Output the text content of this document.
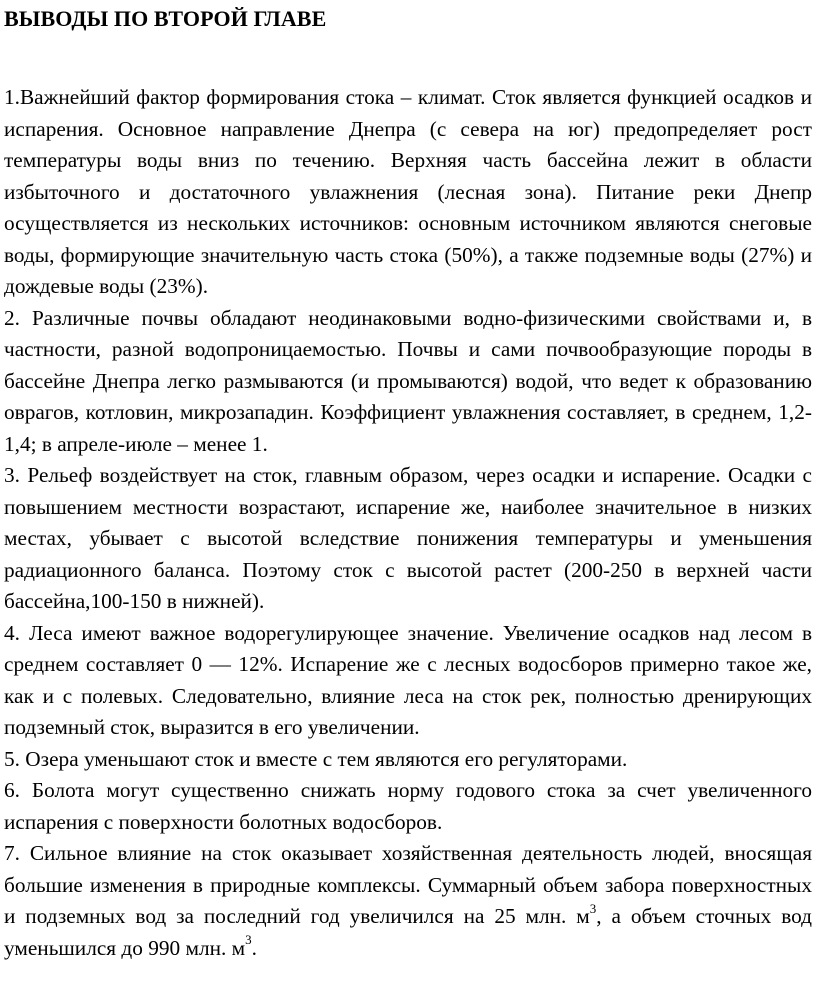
ВЫВОДЫ ПО ВТОРОЙ ГЛАВЕ

1.Важнейший фактор формирования стока – климат. Сток является функцией осадков и испарения. Основное направление Днепра (с севера на юг) предопределяет рост температуры воды вниз по течению. Верхняя часть бассейна лежит в области избыточного и достаточного увлажнения (лесная зона). Питание реки Днепр осуществляется из нескольких источников: основным источником являются снеговые воды, формирующие значительную часть стока (50%), а также подземные воды (27%) и дождевые воды (23%).

2. Различные почвы обладают неодинаковыми водно-физическими свойствами и, в частности, разной водопроницаемостью. Почвы и сами почвообразующие породы в бассейне Днепра легко размываются (и промываются) водой, что ведет к образованию оврагов, котловин, микрозападин. Коэффициент увлажнения составляет, в среднем, 1,2-1,4; в апреле-июле – менее 1.

3. Рельеф воздействует на сток, главным образом, через осадки и испарение. Осадки с повышением местности возрастают, испарение же, наиболее значительное в низких местах, убывает с высотой вследствие понижения температуры и уменьшения радиационного баланса. Поэтому сток с высотой растет (200-250 в верхней части бассейна,100-150 в нижней).

4. Леса имеют важное водорегулирующее значение. Увеличение осадков над лесом в среднем составляет 0 — 12%. Испарение же с лесных водосборов примерно такое же, как и с полевых. Следовательно, влияние леса на сток рек, полностью дренирующих подземный сток, выразится в его увеличении.

5. Озера уменьшают сток и вместе с тем являются его регуляторами.

6. Болота могут существенно снижать норму годового стока за счет увеличенного испарения с поверхности болотных водосборов.

7. Сильное влияние на сток оказывает хозяйственная деятельность людей, вносящая большие изменения в природные комплексы. Суммарный объем забора поверхностных и подземных вод за последний год увеличился на 25 млн. $м^3$, а объем сточных вод уменьшился до 990 млн. $м^3$.
